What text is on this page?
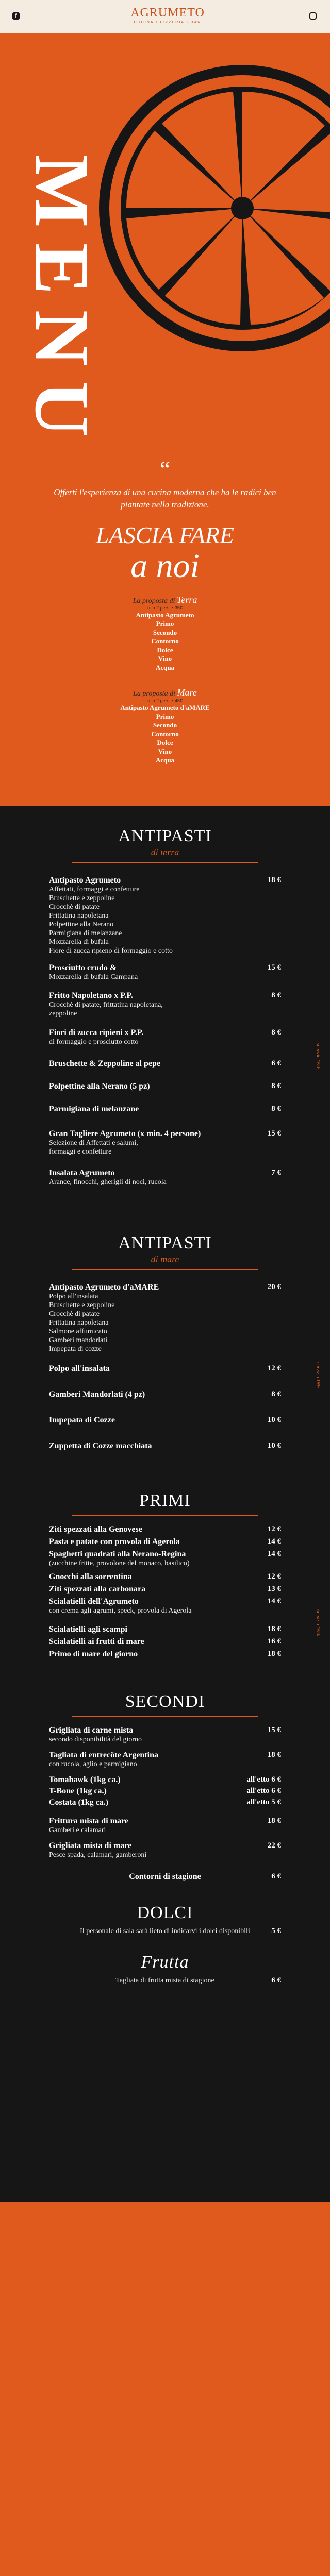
f	AGRUMETO
CUCINA • PIZZERIA • BAR
MENU
“
Offerti l'esperienza di una cucina moderna che ha le radici ben piantate nella tradizione.
LASCIA FARE
a noi
La proposta di Terra
min 2 pers. • 35€
Antipasto Agrumeto
Primo
Secondo
Contorno
Dolce
Vino
Acqua
La proposta di Mare
min 2 pers. • 45€
Antipasto Agrumeto d'aMARE
Primo
Secondo
Contorno
Dolce
Vino
Acqua
ANTIPASTI
di terra
servizio 15%
Antipasto Agrumeto
Affettati, formaggi e confetture
Bruschette e zeppoline
Crocchè di patate
Frittatina napoletana
Polpettine alla Nerano
Parmigiana di melanzane
Mozzarella di bufala
Fiore di zucca ripieno di formaggio e cotto
18 €
Prosciutto crudo &
Mozzarella di bufala Campana
15 €
Fritto Napoletano x P.P.
Crocchè di patate, frittatina napoletana,
zeppoline
8 €
Fiori di zucca ripieni x P.P.
di formaggio e prosciutto cotto
8 €
Bruschette & Zeppoline al pepe	6 €
Polpettine alla Nerano (5 pz)	8 €
Parmigiana di melanzane	8 €
Gran Tagliere Agrumeto (x min. 4 persone)
Selezione di Affettati e salumi,
formaggi e confetture
15 €
Insalata Agrumeto
Arance, finocchi, gherigli di noci, rucola
7 €
ANTIPASTI
di mare
servizio 15%
Antipasto Agrumeto d'aMARE
Polpo all'insalata
Bruschette e zeppoline
Crocchè di patate
Frittatina napoletana
Salmone affumicato
Gamberi mandorlati
Impepata di cozze
20 €
Polpo all'insalata	12 €
Gamberi Mandorlati (4 pz)	8 €
Impepata di Cozze	10 €
Zuppetta di Cozze macchiata	10 €
PRIMI
servizio 15%
Ziti spezzati alla Genovese	12 €
Pasta e patate con provola di Agerola	14 €
Spaghetti quadrati alla Nerano-Regina
(zucchine fritte, provolone del monaco, basilico)
14 €
Gnocchi alla sorrentina	12 €
Ziti spezzati alla carbonara	13 €
Scialatielli dell'Agrumeto
con crema agli agrumi, speck, provola di Agerola
14 €
Scialatielli agli scampi	18 €
Scialatielli ai frutti di mare	16 €
Primo di mare del giorno	18 €
SECONDI
Grigliata di carne mista
secondo disponibilità del giorno
15 €
Tagliata di entrecôte Argentina
con rucola, aglio e parmigiano
18 €
Tomahawk (1kg ca.)	all'etto 6 €
T-Bone (1kg ca.)	all'etto 6 €
Costata (1kg ca.)	all'etto 5 €
Frittura mista di mare
Gamberi e calamari
18 €
Grigliata mista di mare
Pesce spada, calamari, gamberoni
22 €
Contorni di stagione	6 €
DOLCI
Il personale di sala sarà lieto di indicarvi i dolci disponibili	5 €
Frutta
Tagliata di frutta mista di stagione	6 €
